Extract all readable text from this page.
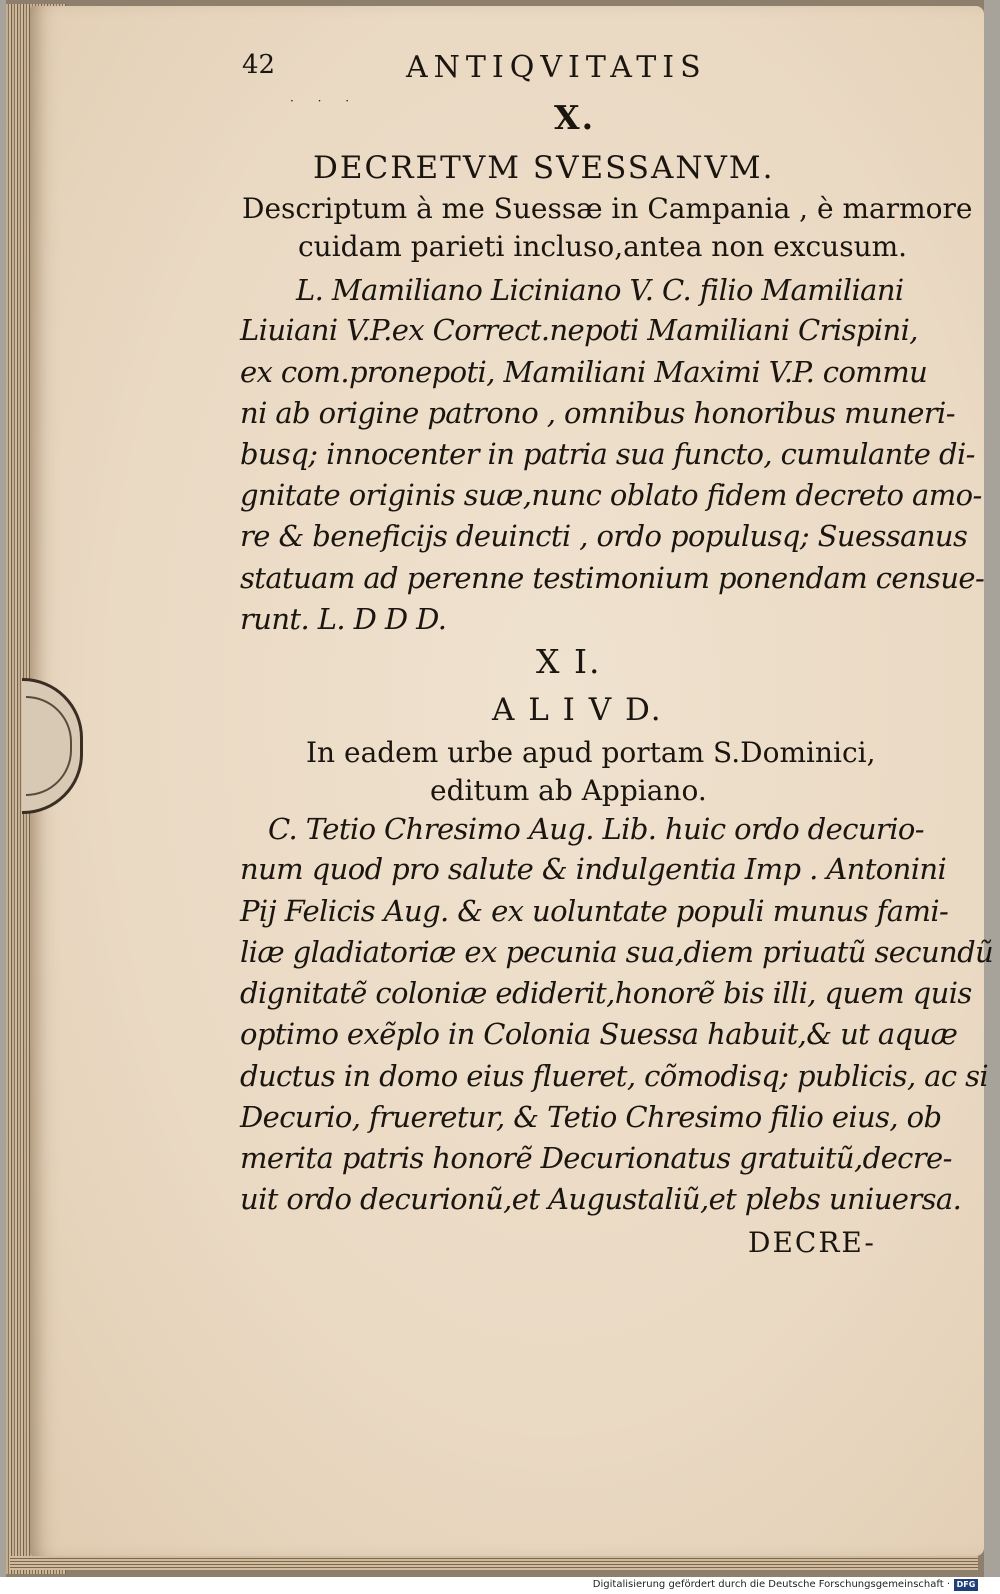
42	ANTIQVITATIS
· · ·	X.
DECRETVM SVESSANVM.
Descriptum à me Suessæ in Campania , è marmore
cuidam parieti incluso,antea non excusum.
L. Mamiliano Liciniano V. C. filio Mamiliani
Liuiani V.P.ex Correct.nepoti Mamiliani Crispini,
ex com.pronepoti, Mamiliani Maximi V.P. commu
ni ab origine patrono , omnibus honoribus muneri-
busq; innocenter in patria sua functo, cumulante di-
gnitate originis suæ,nunc oblato fidem decreto amo-
re & beneficijs deuincti , ordo populusq; Suessanus
statuam ad perenne testimonium ponendam censue-
runt. L. D D D.
X I.
A L I V D.
In eadem urbe apud portam S.Dominici,
editum ab Appiano.
C. Tetio Chresimo Aug. Lib. huic ordo decurio-
num quod pro salute & indulgentia Imp . Antonini
Pij Felicis Aug. & ex uoluntate populi munus fami-
liæ gladiatoriæ ex pecunia sua,diem priuatũ secundũ
dignitatẽ coloniæ ediderit,honorẽ bis illi, quem quis
optimo exẽplo in Colonia Suessa habuit,& ut aquæ
ductus in domo eius flueret, cõmodisq; publicis, ac si
Decurio, frueretur, & Tetio Chresimo filio eius, ob
merita patris honorẽ Decurionatus gratuitũ,decre-
uit ordo decurionũ,et Augustaliũ,et plebs uniuersa.
DECRE-
Digitalisierung gefördert durch die Deutsche Forschungsgemeinschaft · DFG
